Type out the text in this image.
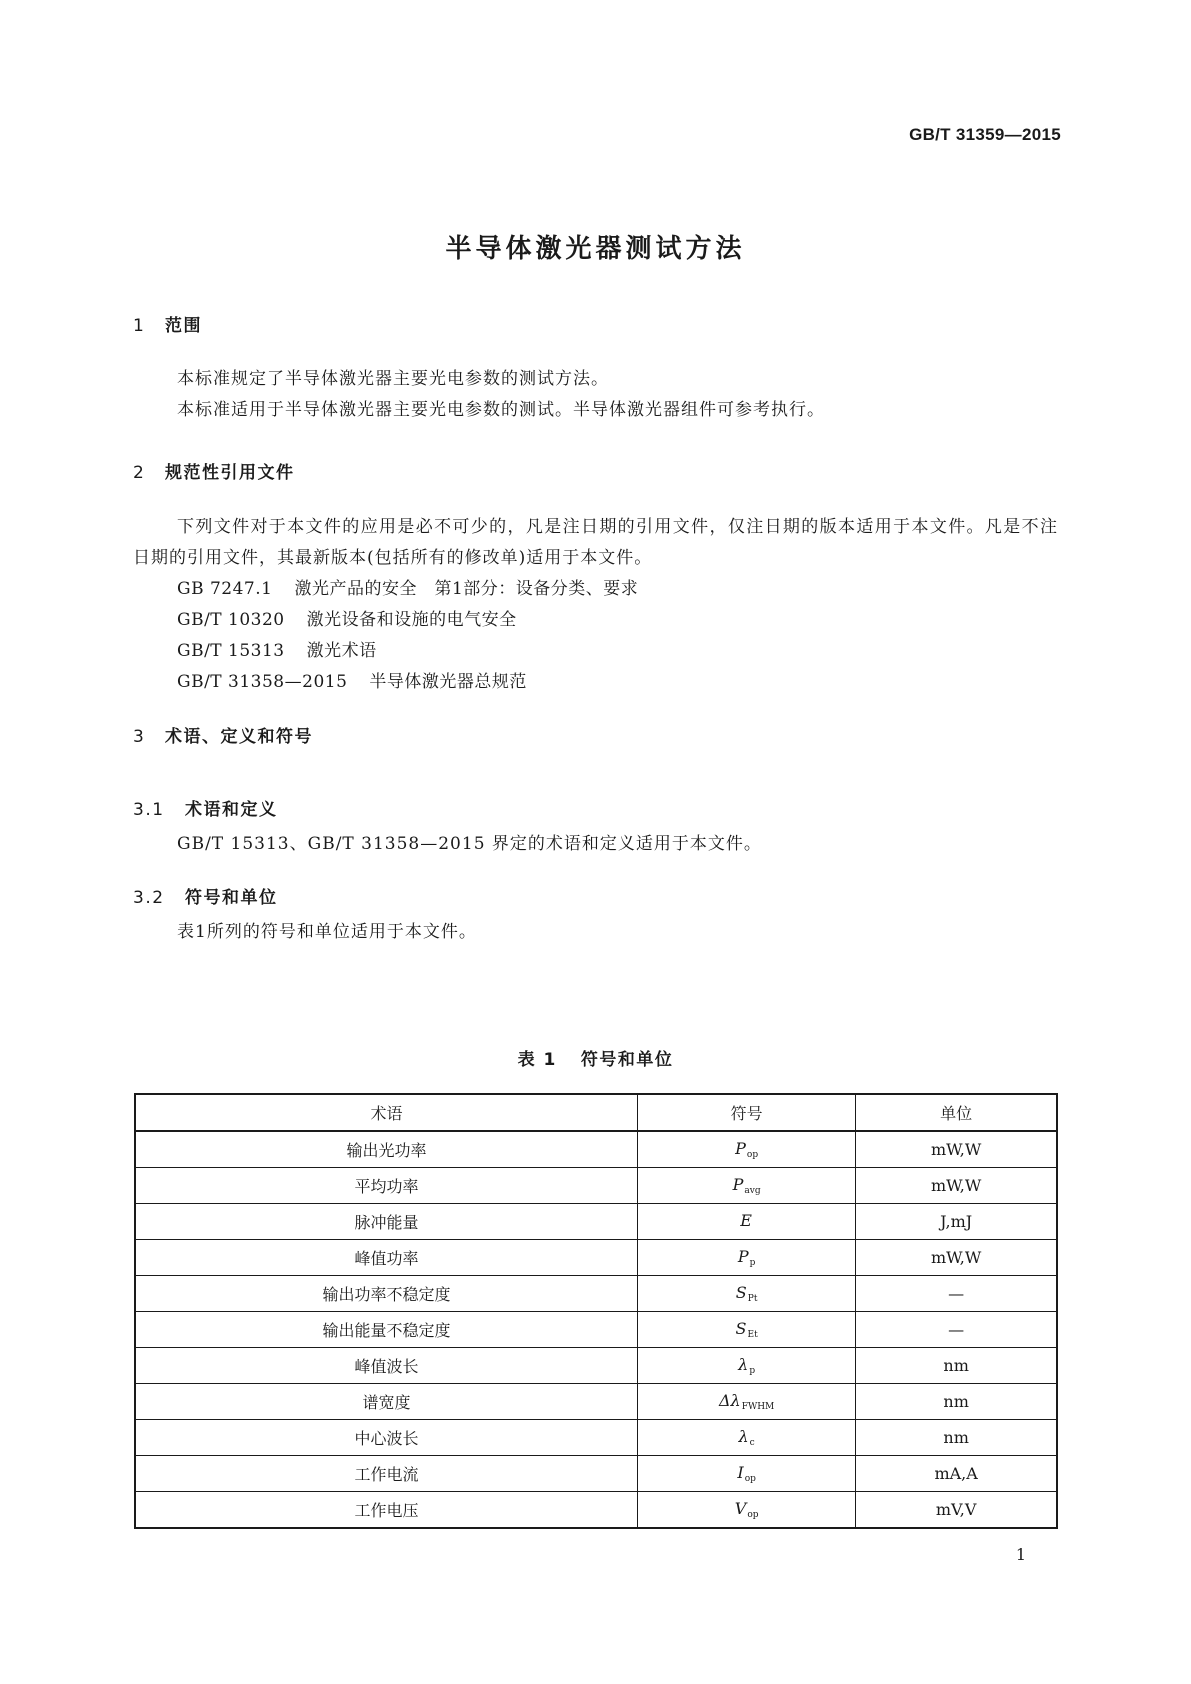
GB/T 31359—2015
半导体激光器测试方法
1 范围

本标准规定了半导体激光器主要光电参数的测试方法。

本标准适用于半导体激光器主要光电参数的测试。半导体激光器组件可参考执行。

2 规范性引用文件

下列文件对于本文件的应用是必不可少的，凡是注日期的引用文件，仅注日期的版本适用于本文件。凡是不注日期的引用文件，其最新版本(包括所有的修改单)适用于本文件。

GB 7247.1 激光产品的安全　第1部分：设备分类、要求
GB/T 10320 激光设备和设施的电气安全
GB/T 15313 激光术语
GB/T 31358—2015 半导体激光器总规范
3 术语、定义和符号
3.1 术语和定义

GB/T 15313、GB/T 31358—2015 界定的术语和定义适用于本文件。

3.2 符号和单位

表1所列的符号和单位适用于本文件。

表 1 符号和单位
术语	符号	单位
输出光功率	Pop	mW,W
平均功率	Pavg	mW,W
脉冲能量	E	J,mJ
峰值功率	Pp	mW,W
输出功率不稳定度	SPt	—
输出能量不稳定度	SEt	—
峰值波长	λp	nm
谱宽度	ΔλFWHM	nm
中心波长	λc	nm
工作电流	Iop	mA,A
工作电压	Vop	mV,V
1
